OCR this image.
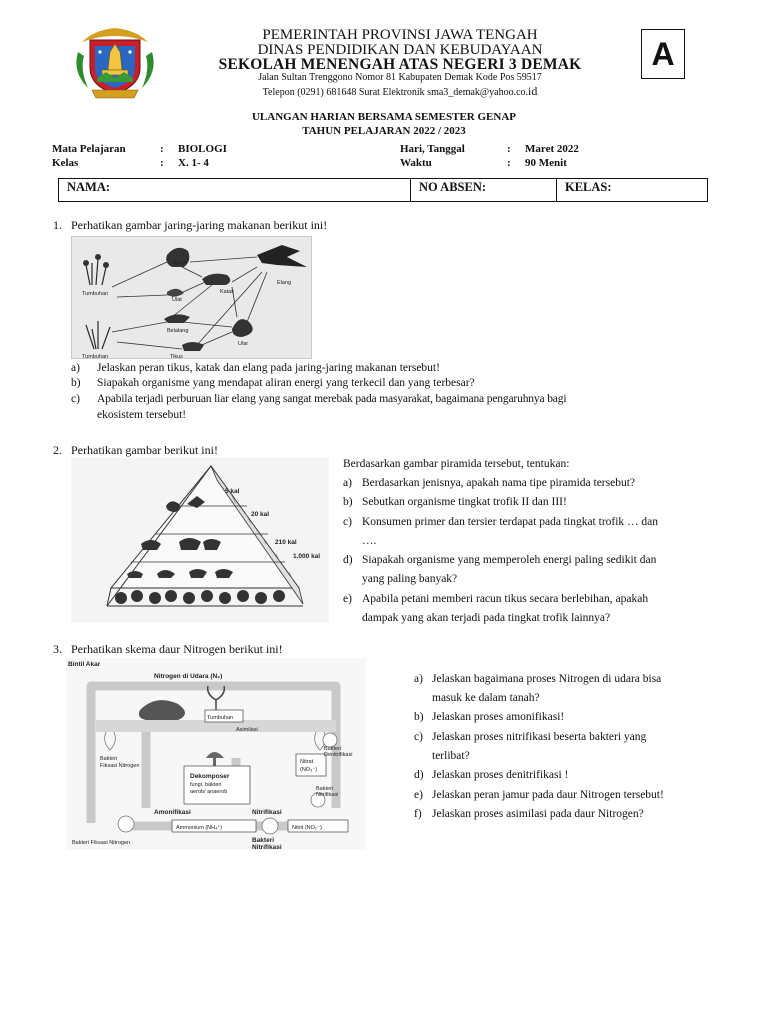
PEMERINTAH PROVINSI JAWA TENGAH
DINAS PENDIDIKAN DAN KEBUDAYAAN
SEKOLAH MENENGAH ATAS NEGERI 3 DEMAK
Jalan Sultan Trenggono Nomor 81 Kabupaten Demak Kode Pos 59517
Telepon (0291) 681648 Surat Elektronik sma3_demak@yahoo.co.id
A
ULANGAN HARIAN BERSAMA SEMESTER GENAP
TAHUN PELAJARAN 2022 / 2023
Mata Pelajaran	: BIOLOGI
Kelas	: X. 1- 4
Hari, Tanggal	: Maret 2022
Waktu	: 90 Menit
NAMA:	NO ABSEN:	KELAS:
1. Perhatikan gambar jaring-jaring makanan berikut ini!
Ayam
Ulat
Katak
Elang
Tumbuhan
Belalang
Ular
Tumbuhan	Tikus
a) Jelaskan peran tikus, katak dan elang pada jaring-jaring makanan tersebut!
b) Siapakah organisme yang mendapat aliran energi yang terkecil dan yang terbesar?
c) Apabila terjadi perburuan liar elang yang sangat merebak pada masyarakat, bagaimana pengaruhnya bagi
ekosistem tersebut!
2. Perhatikan gambar berikut ini!
5 kal
20 kal
210 kal
1.000 kal
Berdasarkan gambar piramida tersebut, tentukan:
a) Berdasarkan jenisnya, apakah nama tipe piramida tersebut?
b) Sebutkan organisme tingkat trofik II dan III!
c) Konsumen primer dan tersier terdapat pada tingkat trofik … dan
….
d) Siapakah organisme yang memperoleh energi paling sedikit dan
yang paling banyak?
e) Apabila petani memberi racun tikus secara berlebihan, apakah
dampak yang akan terjadi pada tingkat trofik lainnya?
3. Perhatikan skema daur Nitrogen berikut ini!
Bintil Akar
Nitrogen di Udara (N₂)
Tumbuhan
Asimilasi
Bakteri
Fiksasi Nitrogen
Bakteri
Denitrifikasi
Dekomposer
fungi, bakteri
aerob/ anaerob
Nitrat
(NO₃⁻)
Bakteri
Nitrifikasi
Amonifikasi	Nitrifikasi
Ammonium (NH₄⁺)	Nitrit (NO₂⁻)
Bakteri Fiksasi Nitrogen	Bakteri
Nitrifikasi
a) Jelaskan bagaimana proses Nitrogen di udara bisa
masuk ke dalam tanah?
b) Jelaskan proses amonifikasi!
c) Jelaskan proses nitrifikasi beserta bakteri yang
terlibat?
d) Jelaskan proses denitrifikasi !
e) Jelaskan peran jamur pada daur Nitrogen tersebut!
f) Jelaskan proses asimilasi pada daur Nitrogen?
